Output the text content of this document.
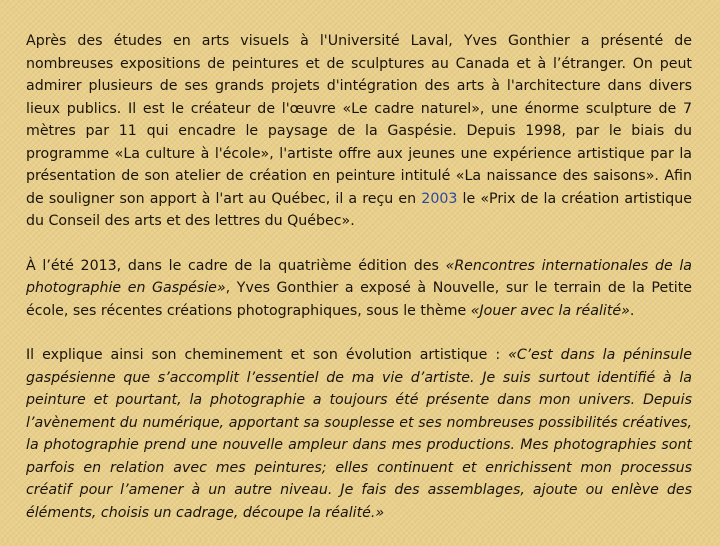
Après des études en arts visuels à l'Université Laval, Yves Gonthier a présenté de nombreuses expositions de peintures et de sculptures au Canada et à l’étranger. On peut admirer plusieurs de ses grands projets d'intégration des arts à l'architecture dans divers lieux publics. Il est le créateur de l'œuvre «Le cadre naturel», une énorme sculpture de 7 mètres par 11 qui encadre le paysage de la Gaspésie. Depuis 1998, par le biais du programme «La culture à l'école», l'artiste offre aux jeunes une expérience artistique par la présentation de son atelier de création en peinture intitulé «La naissance des saisons». Afin de souligner son apport à l'art au Québec, il a reçu en 2003 le «Prix de la création artistique du Conseil des arts et des lettres du Québec».

À l’été 2013, dans le cadre de la quatrième édition des «Rencontres internationales de la photographie en Gaspésie», Yves Gonthier a exposé à Nouvelle, sur le terrain de la Petite école, ses récentes créations photographiques, sous le thème «Jouer avec la réalité».

Il explique ainsi son cheminement et son évolution artistique : «C’est dans la péninsule gaspésienne que s’accomplit l’essentiel de ma vie d’artiste. Je suis surtout identifié à la peinture et pourtant, la photographie a toujours été présente dans mon univers. Depuis l’avènement du numérique, apportant sa souplesse et ses nombreuses possibilités créatives, la photographie prend une nouvelle ampleur dans mes productions. Mes photographies sont parfois en relation avec mes peintures; elles continuent et enrichissent mon processus créatif pour l’amener à un autre niveau. Je fais des assemblages, ajoute ou enlève des éléments, choisis un cadrage, découpe la réalité.»
